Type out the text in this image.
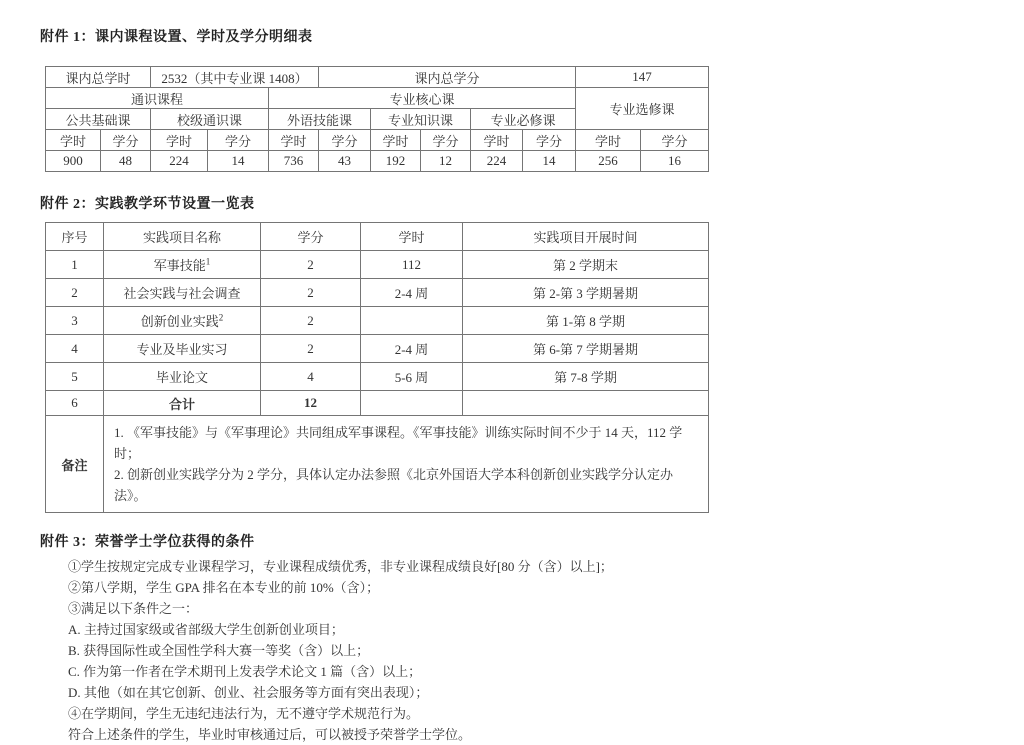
附件 1：课内课程设置、学时及学分明细表
课内总学时		2532（其中专业课 1408）			课内总学分					147	
通识课程				专业核心课						专业选修课	
公共基础课		校级通识课		外语技能课		专业知识课		专业必修课			
学时	学分	学时	学分	学时	学分	学时	学分	学时	学分	学时	学分
900	48	224	14	736	43	192	12	224	14	256	16
附件 2：实践教学环节设置一览表
序号	实践项目名称	学分	学时	实践项目开展时间
1	军事技能$^1$	2	112	第 2 学期末
2	社会实践与社会调查	2	2-4 周	第 2-第 3 学期暑期
3	创新创业实践$^2$	2		第 1-第 8 学期
4	专业及毕业实习	2	2-4 周	第 6-第 7 学期暑期
5	毕业论文	4	5-6 周	第 7-8 学期
6	合计	12		
备注	1. 《军事技能》与《军事理论》共同组成军事课程。《军事技能》训练实际时间不少于 14 天，112 学时；
2. 创新创业实践学分为 2 学分，具体认定办法参照《北京外国语大学本科创新创业实践学分认定办法》。			
附件 3：荣誉学士学位获得的条件
①学生按规定完成专业课程学习，专业课程成绩优秀，非专业课程成绩良好[80 分（含）以上]；
②第八学期，学生 GPA 排名在本专业的前 10%（含）；
③满足以下条件之一：
A. 主持过国家级或省部级大学生创新创业项目；
B. 获得国际性或全国性学科大赛一等奖（含）以上；
C. 作为第一作者在学术期刊上发表学术论文 1 篇（含）以上；
D. 其他（如在其它创新、创业、社会服务等方面有突出表现）；
④在学期间，学生无违纪违法行为，无不遵守学术规范行为。
符合上述条件的学生，毕业时审核通过后，可以被授予荣誉学士学位。
